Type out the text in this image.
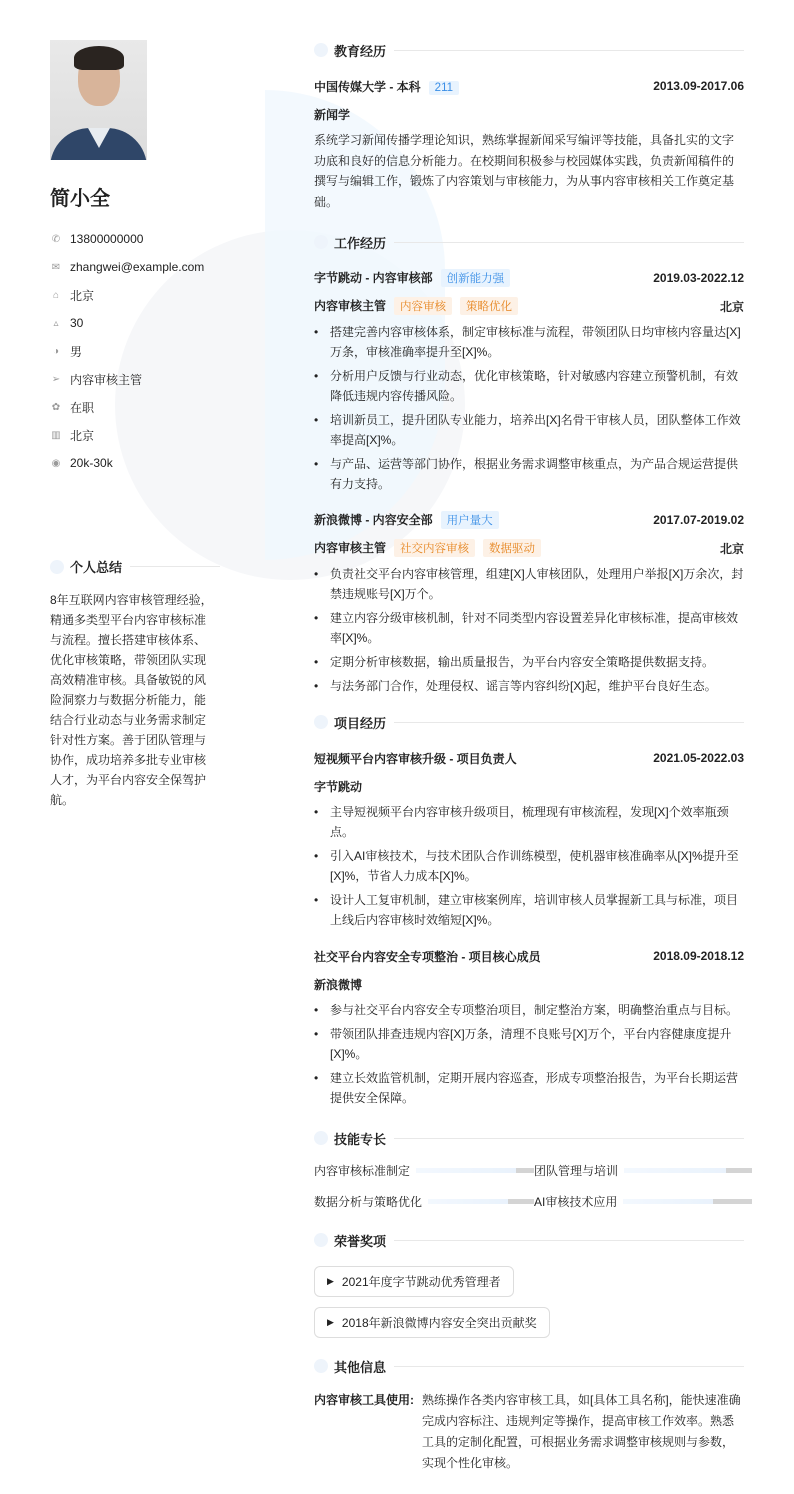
简小全
✆ 13800000000
✉ zhangwei@example.com
⌂ 北京
▵ 30
◑ 男
➢ 内容审核主管
✿ 在职
▥ 北京
◉ 20k-30k
个人总结
8年互联网内容审核管理经验，精通多类型平台内容审核标准与流程。擅长搭建审核体系、优化审核策略，带领团队实现高效精准审核。具备敏锐的风险洞察力与数据分析能力，能结合行业动态与业务需求制定针对性方案。善于团队管理与协作，成功培养多批专业审核人才，为平台内容安全保驾护航。
教育经历
中国传媒大学 - 本科 211	2013.09-2017.06
新闻学

系统学习新闻传播学理论知识，熟练掌握新闻采写编评等技能，具备扎实的文字功底和良好的信息分析能力。在校期间积极参与校园媒体实践，负责新闻稿件的撰写与编辑工作，锻炼了内容策划与审核能力，为从事内容审核相关工作奠定基础。

工作经历
字节跳动 - 内容审核部 创新能力强	2019.03-2022.12
内容审核主管 内容审核 策略优化	北京
• 搭建完善内容审核体系，制定审核标准与流程，带领团队日均审核内容量达[X]万条，审核准确率提升至[X]%。
• 分析用户反馈与行业动态，优化审核策略，针对敏感内容建立预警机制，有效降低违规内容传播风险。
• 培训新员工，提升团队专业能力，培养出[X]名骨干审核人员，团队整体工作效率提高[X]%。
• 与产品、运营等部门协作，根据业务需求调整审核重点，为产品合规运营提供有力支持。
新浪微博 - 内容安全部 用户量大	2017.07-2019.02
内容审核主管 社交内容审核 数据驱动	北京
• 负责社交平台内容审核管理，组建[X]人审核团队，处理用户举报[X]万余次，封禁违规账号[X]万个。
• 建立内容分级审核机制，针对不同类型内容设置差异化审核标准，提高审核效率[X]%。
• 定期分析审核数据，输出质量报告，为平台内容安全策略提供数据支持。
• 与法务部门合作，处理侵权、谣言等内容纠纷[X]起，维护平台良好生态。
项目经历
短视频平台内容审核升级 - 项目负责人	2021.05-2022.03
字节跳动
• 主导短视频平台内容审核升级项目，梳理现有审核流程，发现[X]个效率瓶颈点。
• 引入AI审核技术，与技术团队合作训练模型，使机器审核准确率从[X]%提升至[X]%，节省人力成本[X]%。
• 设计人工复审机制，建立审核案例库，培训审核人员掌握新工具与标准，项目上线后内容审核时效缩短[X]%。
社交平台内容安全专项整治 - 项目核心成员	2018.09-2018.12
新浪微博
• 参与社交平台内容安全专项整治项目，制定整治方案，明确整治重点与目标。
• 带领团队排查违规内容[X]万条，清理不良账号[X]万个，平台内容健康度提升[X]%。
• 建立长效监管机制，定期开展内容巡查，形成专项整治报告，为平台长期运营提供安全保障。
技能专长
内容审核标准制定	团队管理与培训
数据分析与策略优化	AI审核技术应用
荣誉奖项
▶ 2021年度字节跳动优秀管理者
▶ 2018年新浪微博内容安全突出贡献奖
其他信息
内容审核工具使用: 熟练操作各类内容审核工具，如[具体工具名称]，能快速准确完成内容标注、违规判定等操作，提高审核工作效率。熟悉工具的定制化配置，可根据业务需求调整审核规则与参数，实现个性化审核。
